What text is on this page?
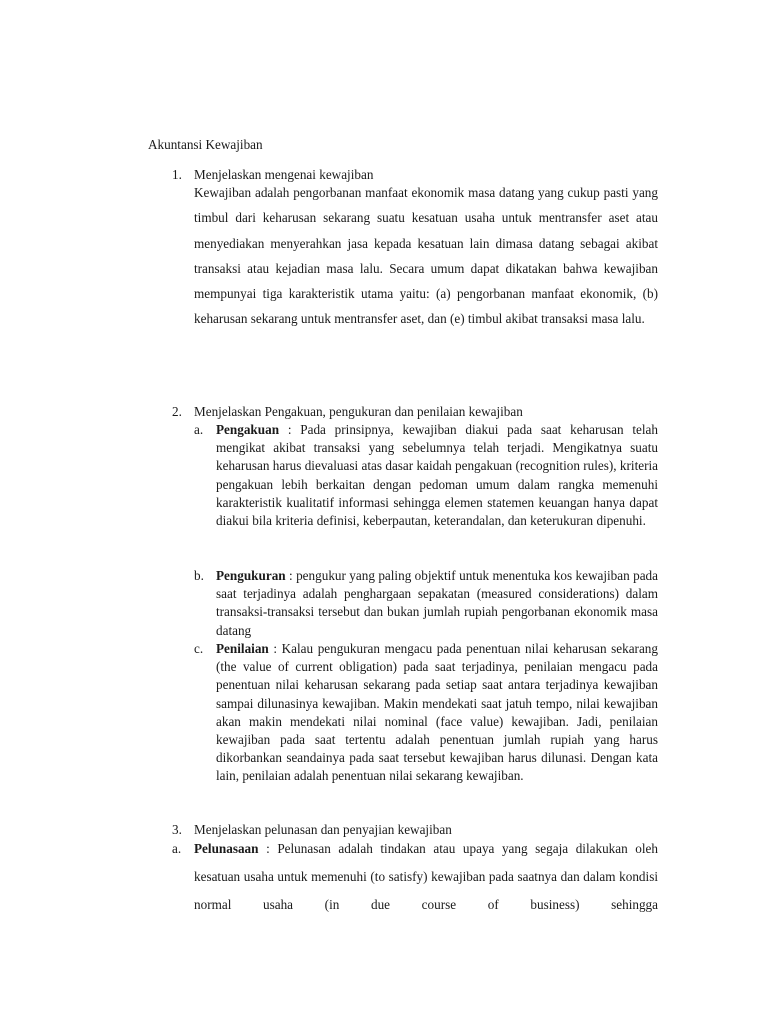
Akuntansi Kewajiban
1. Menjelaskan mengenai kewajiban
Kewajiban adalah pengorbanan manfaat ekonomik masa datang yang cukup pasti yang timbul dari keharusan sekarang suatu kesatuan usaha untuk mentransfer aset atau menyediakan menyerahkan jasa kepada kesatuan lain dimasa datang sebagai akibat transaksi atau kejadian masa lalu. Secara umum dapat dikatakan bahwa kewajiban mempunyai tiga karakteristik utama yaitu: (a) pengorbanan manfaat ekonomik, (b) keharusan sekarang untuk mentransfer aset, dan (e) timbul akibat transaksi masa lalu.
2. Menjelaskan Pengakuan, pengukuran dan penilaian kewajiban
a. Pengakuan : Pada prinsipnya, kewajiban diakui pada saat keharusan telah mengikat akibat transaksi yang sebelumnya telah terjadi. Mengikatnya suatu keharusan harus dievaluasi atas dasar kaidah pengakuan (recognition rules), kriteria pengakuan lebih berkaitan dengan pedoman umum dalam rangka memenuhi karakteristik kualitatif informasi sehingga elemen statemen keuangan hanya dapat diakui bila kriteria definisi, keberpautan, keterandalan, dan keterukuran dipenuhi.
b. Pengukuran : pengukur yang paling objektif untuk menentuka kos kewajiban pada saat terjadinya adalah penghargaan sepakatan (measured considerations) dalam transaksi-transaksi tersebut dan bukan jumlah rupiah pengorbanan ekonomik masa datang
c. Penilaian : Kalau pengukuran mengacu pada penentuan nilai keharusan sekarang (the value of current obligation) pada saat terjadinya, penilaian mengacu pada penentuan nilai keharusan sekarang pada setiap saat antara terjadinya kewajiban sampai dilunasinya kewajiban. Makin mendekati saat jatuh tempo, nilai kewajiban akan makin mendekati nilai nominal (face value) kewajiban. Jadi, penilaian kewajiban pada saat tertentu adalah penentuan jumlah rupiah yang harus dikorbankan seandainya pada saat tersebut kewajiban harus dilunasi. Dengan kata lain, penilaian adalah penentuan nilai sekarang kewajiban.
3. Menjelaskan pelunasan dan penyajian kewajiban
a. Pelunasaan : Pelunasan adalah tindakan atau upaya yang segaja dilakukan oleh kesatuan usaha untuk memenuhi (to satisfy) kewajiban pada saatnya dan dalam kondisi normal usaha (in due course of business) sehingga
